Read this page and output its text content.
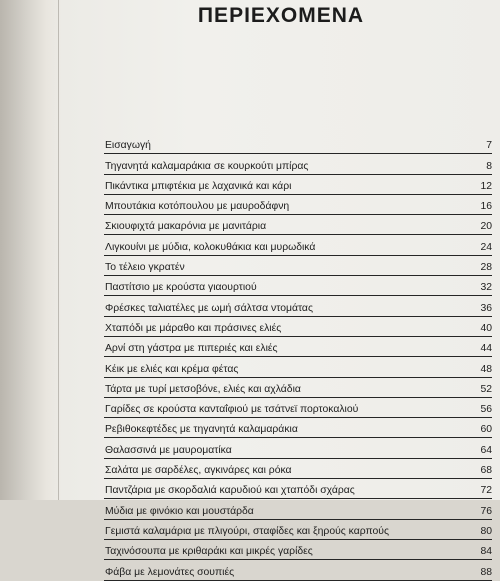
ΠΕΡΙΕΧΟΜΕΝΑ
Εισαγωγή	7
Τηγανητά καλαμαράκια σε κουρκούτι μπίρας	8
Πικάντικα μπιφτέκια με λαχανικά και κάρι	12
Μπουτάκια κοτόπουλου με μαυροδάφνη	16
Σκιουφιχτά μακαρόνια με μανιτάρια	20
Λιγκουίνι με μύδια, κολοκυθάκια και μυρωδικά	24
Το τέλειο γκρατέν	28
Παστίτσιο με κρούστα γιαουρτιού	32
Φρέσκες ταλιατέλες με ωμή σάλτσα ντομάτας	36
Χταπόδι με μάραθο και πράσινες ελιές	40
Αρνί στη γάστρα με πιπεριές και ελιές	44
Κέικ με ελιές και κρέμα φέτας	48
Τάρτα με τυρί μετσοβόνε, ελιές και αχλάδια	52
Γαρίδες σε κρούστα κανταΐφιού με τσάτνεϊ πορτοκαλιού	56
Ρεβιθοκεφτέδες με τηγανητά καλαμαράκια	60
Θαλασσινά με μαυροματίκα	64
Σαλάτα με σαρδέλες, αγκινάρες και ρόκα	68
Παντζάρια με σκορδαλιά καρυδιού και χταπόδι σχάρας	72
Μύδια με φινόκιο και μουστάρδα	76
Γεμιστά καλαμάρια με πλιγούρι, σταφίδες και ξηρούς καρπούς	80
Ταχινόσουπα με κριθαράκι και μικρές γαρίδες	84
Φάβα με λεμονάτες σουπιές	88
